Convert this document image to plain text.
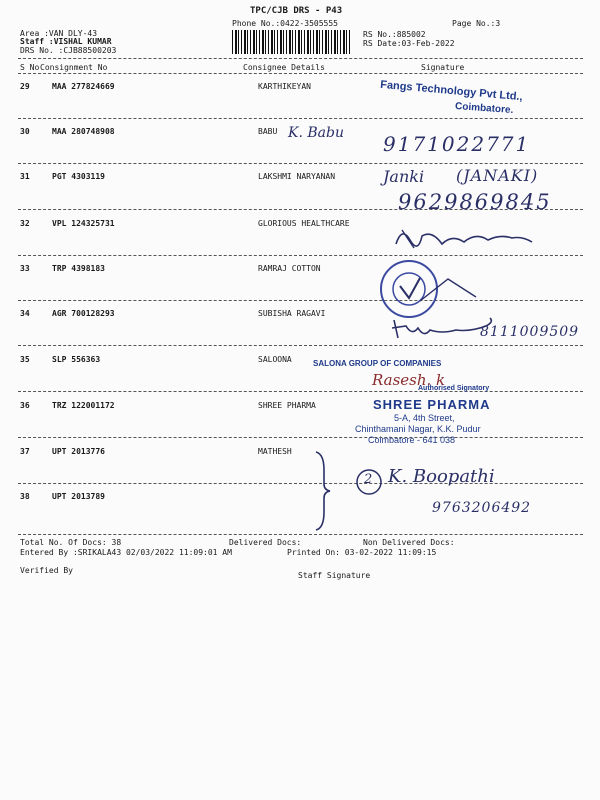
TPC/CJB DRS - P43
Phone No.:0422-3505555	Page No.:3
Area :VAN DLY-43
Staff :VISHAL KUMAR
DRS No. :CJB88500203
RS No.:885002
RS Date:03-Feb-2022
S No Consignment No	Consignee Details	Signature
29	MAA 277824669	KARTHIKEYAN
30	MAA 280748908	BABU
31	PGT 4303119	LAKSHMI NARYANAN
32	VPL 124325731	GLORIOUS HEALTHCARE
33	TRP 4398183	RAMRAJ COTTON
34	AGR 700128293	SUBISHA RAGAVI
35	SLP 556363	SALOONA
36	TRZ 122001172	SHREE PHARMA
37	UPT 2013776	MATHESH
38	UPT 2013789
Fangs Technology Pvt Ltd.,
Coimbatore.
K. Babu 9171022771
Janki (JANAKI)
9629869845
8111009509
SALONA GROUP OF COMPANIES
Rasesh. k
Authorised Signatory
SHREE PHARMA
5-A, 4th Street,
Chinthamani Nagar, K.K. Pudur
Coimbatore - 641 038
2 K. Boopathi
9763206492
Total No. Of Docs: 38	Delivered Docs:	Non Delivered Docs:
Entered By :SRIKALA43 02/03/2022 11:09:01 AM	Printed On: 03-02-2022 11:09:15
Verified By
Staff Signature
